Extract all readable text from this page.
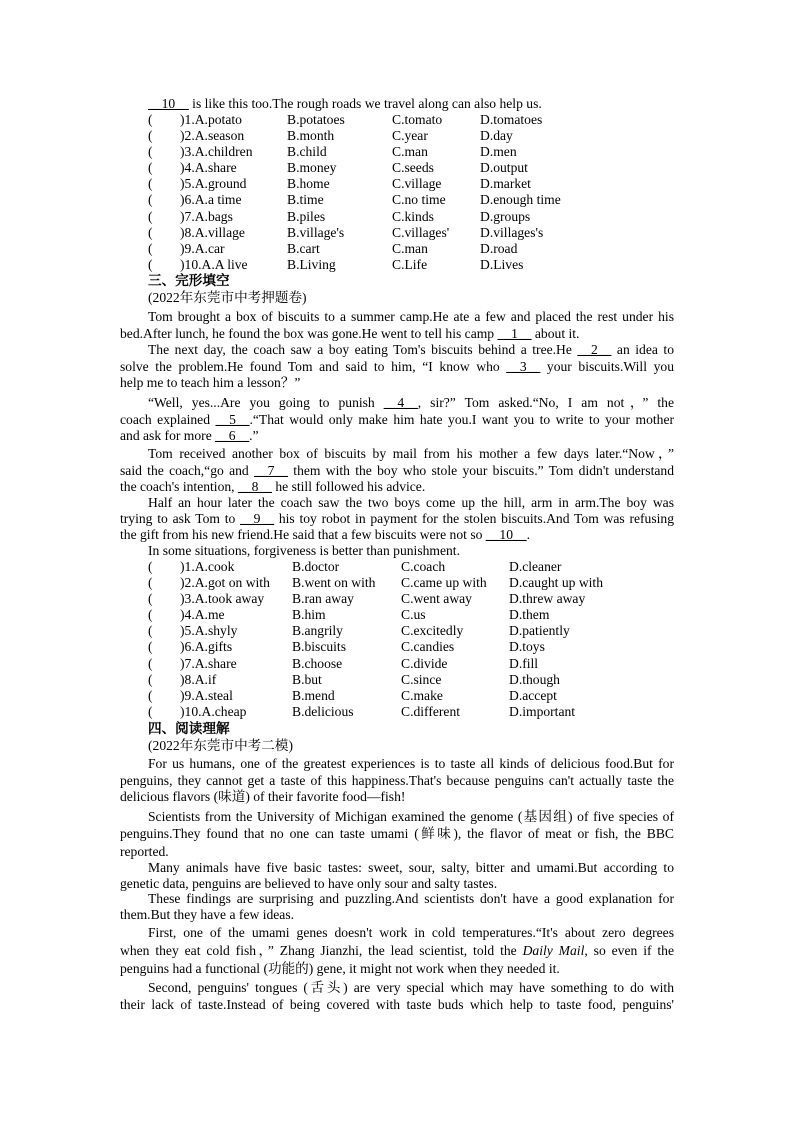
__10__ is like this too.The rough roads we travel along can also help us.
( )1.A.potato	B.potatoes	C.tomato	D.tomatoes
( )2.A.season	B.month	C.year	D.day
( )3.A.children	B.child	C.man	D.men
( )4.A.share	B.money	C.seeds	D.output
( )5.A.ground	B.home	C.village	D.market
( )6.A.a time	B.time	C.no time	D.enough time
( )7.A.bags	B.piles	C.kinds	D.groups
( )8.A.village	B.village's	C.villages' D.villages's
( )9.A.car	B.cart	C.man	D.road
( )10.A.A live	B.Living	C.Life	D.Lives
三、完形填空
(2022年东莞市中考押题卷)
Tom brought a box of biscuits to a summer camp.He ate a few and placed the rest under his
bed.After lunch, he found the box was gone.He went to tell his camp __1__ about it.
The next day, the coach saw a boy eating Tom's biscuits behind a tree.He __2__ an idea to
solve the problem.He found Tom and said to him, “I know who __3__ your biscuits.Will you
help me to teach him a lesson？”
“Well, yes...Are you going to punish __4__, sir?” Tom asked.“No, I am not，” the
coach explained __5__.“That would only make him hate you.I want you to write to your mother
and ask for more __6__.”
Tom received another box of biscuits by mail from his mother a few days later.“Now，”
said the coach,“go and __7__ them with the boy who stole your biscuits.” Tom didn't understand
the coach's intention, __8__ he still followed his advice.
Half an hour later the coach saw the two boys come up the hill, arm in arm.The boy was
trying to ask Tom to __9__ his toy robot in payment for the stolen biscuits.And Tom was refusing
the gift from his new friend.He said that a few biscuits were not so __10__.
In some situations, forgiveness is better than punishment.
( )1.A.cook	B.doctor	C.coach	D.cleaner
( )2.A.got on with B.went on with C.came up with D.caught up with
( )3.A.took away B.ran away	C.went away	D.threw away
( )4.A.me	B.him	C.us	D.them
( )5.A.shyly	B.angrily	C.excitedly	D.patiently
( )6.A.gifts	B.biscuits	C.candies	D.toys
( )7.A.share	B.choose	C.divide	D.fill
( )8.A.if	B.but	C.since	D.though
( )9.A.steal	B.mend	C.make	D.accept
( )10.A.cheap	B.delicious	C.different	D.important
四、阅读理解
(2022年东莞市中考二模)
For us humans, one of the greatest experiences is to taste all kinds of delicious food.But for
penguins, they cannot get a taste of this happiness.That's because penguins can't actually taste the
delicious flavors (味道) of their favorite food—fish!
Scientists from the University of Michigan examined the genome (基因组) of five species of
penguins.They found that no one can taste umami (鲜味), the flavor of meat or fish, the BBC
reported.
Many animals have five basic tastes: sweet, sour, salty, bitter and umami.But according to
genetic data, penguins are believed to have only sour and salty tastes.
These findings are surprising and puzzling.And scientists don't have a good explanation for
them.But they have a few ideas.
First, one of the umami genes doesn't work in cold temperatures.“It's about zero degrees
when they eat cold fish，” Zhang Jianzhi, the lead scientist, told the Daily Mail, so even if the
penguins had a functional (功能的) gene, it might not work when they needed it.
Second, penguins' tongues (舌头) are very special which may have something to do with
their lack of taste.Instead of being covered with taste buds which help to taste food, penguins'
